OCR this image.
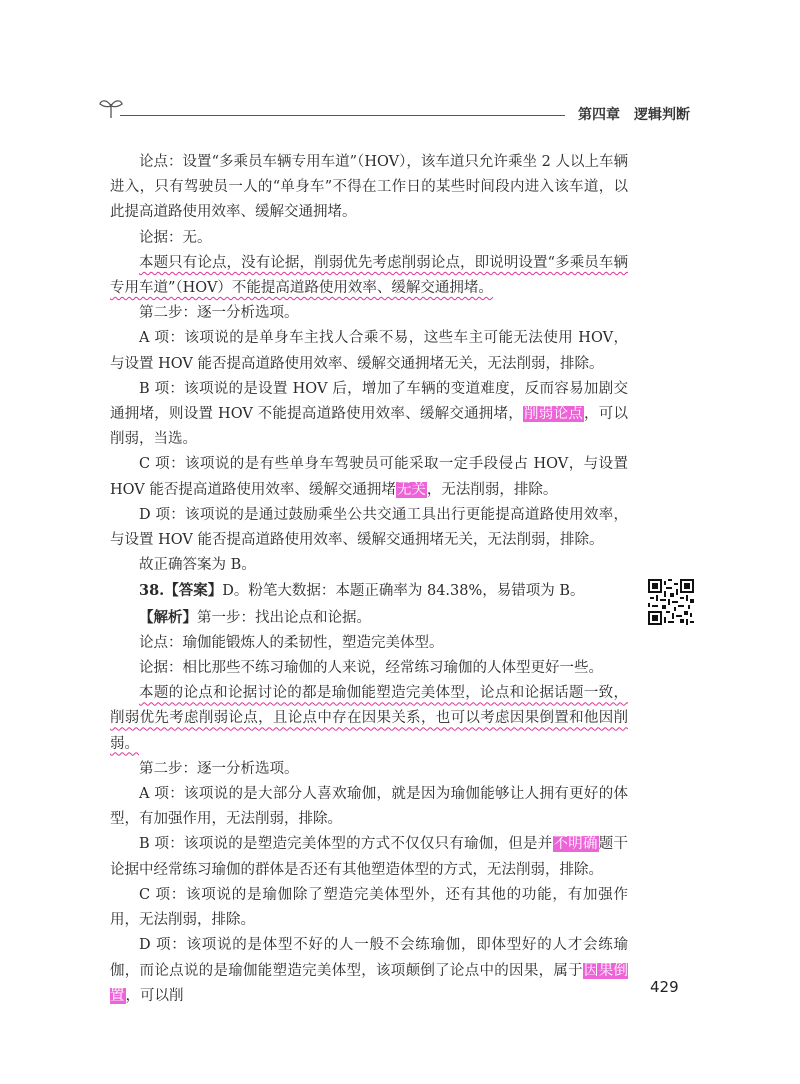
第四章 逻辑判断

论点：设置“多乘员车辆专用车道”（HOV），该车道只允许乘坐 2 人以上车辆进入，只有驾驶员一人的“单身车”不得在工作日的某些时间段内进入该车道，以此提高道路使用效率、缓解交通拥堵。

论据：无。

本题只有论点，没有论据，削弱优先考虑削弱论点，即说明设置“多乘员车辆专用车道”（HOV）不能提高道路使用效率、缓解交通拥堵。

第二步：逐一分析选项。

A 项：该项说的是单身车主找人合乘不易，这些车主可能无法使用 HOV，与设置 HOV 能否提高道路使用效率、缓解交通拥堵无关，无法削弱，排除。

B 项：该项说的是设置 HOV 后，增加了车辆的变道难度，反而容易加剧交通拥堵，则设置 HOV 不能提高道路使用效率、缓解交通拥堵，削弱论点，可以削弱，当选。

C 项：该项说的是有些单身车驾驶员可能采取一定手段侵占 HOV，与设置 HOV 能否提高道路使用效率、缓解交通拥堵无关，无法削弱，排除。

D 项：该项说的是通过鼓励乘坐公共交通工具出行更能提高道路使用效率，与设置 HOV 能否提高道路使用效率、缓解交通拥堵无关，无法削弱，排除。

故正确答案为 B。

38.【答案】D。粉笔大数据：本题正确率为 84.38%，易错项为 B。

【解析】第一步：找出论点和论据。

论点：瑜伽能锻炼人的柔韧性，塑造完美体型。

论据：相比那些不练习瑜伽的人来说，经常练习瑜伽的人体型更好一些。

本题的论点和论据讨论的都是瑜伽能塑造完美体型，论点和论据话题一致，削弱优先考虑削弱论点，且论点中存在因果关系，也可以考虑因果倒置和他因削弱。

第二步：逐一分析选项。

A 项：该项说的是大部分人喜欢瑜伽，就是因为瑜伽能够让人拥有更好的体型，有加强作用，无法削弱，排除。

B 项：该项说的是塑造完美体型的方式不仅仅只有瑜伽，但是并不明确题干论据中经常练习瑜伽的群体是否还有其他塑造体型的方式，无法削弱，排除。

C 项：该项说的是瑜伽除了塑造完美体型外，还有其他的功能，有加强作用，无法削弱，排除。

D 项：该项说的是体型不好的人一般不会练瑜伽，即体型好的人才会练瑜伽，而论点说的是瑜伽能塑造完美体型，该项颠倒了论点中的因果，属于因果倒置，可以削	429
